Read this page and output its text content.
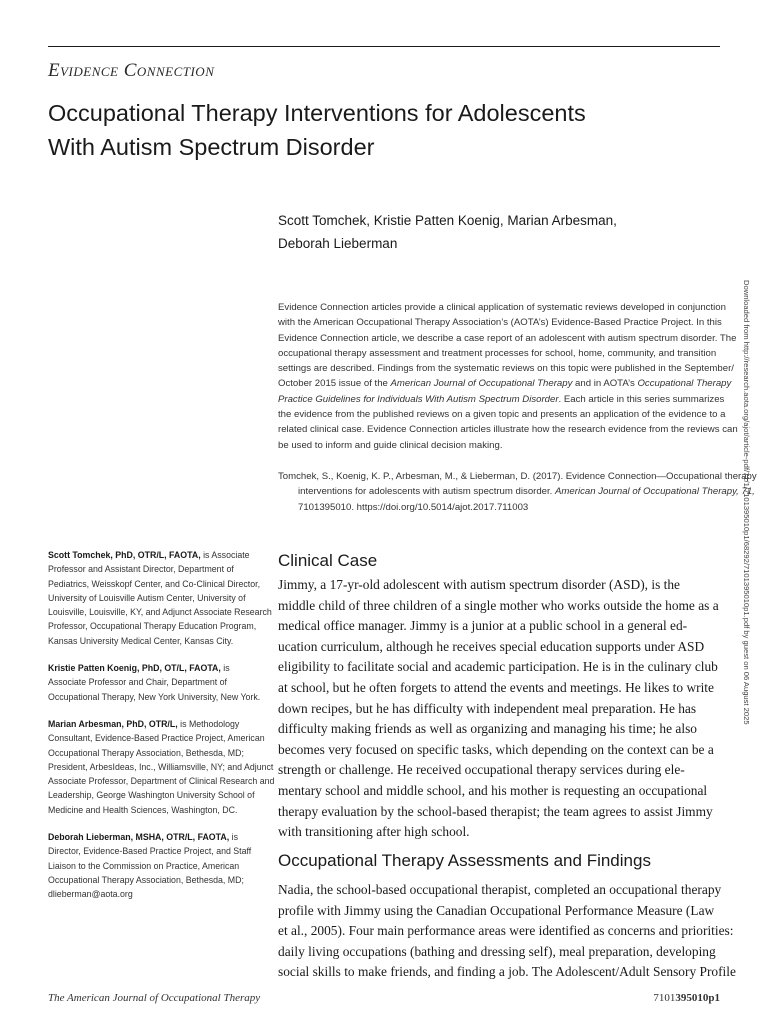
Evidence Connection
Occupational Therapy Interventions for Adolescents
With Autism Spectrum Disorder
Scott Tomchek, Kristie Patten Koenig, Marian Arbesman,
Deborah Lieberman
Evidence Connection articles provide a clinical application of systematic reviews developed in conjunction
with the American Occupational Therapy Association’s (AOTA’s) Evidence-Based Practice Project. In this
Evidence Connection article, we describe a case report of an adolescent with autism spectrum disorder. The
occupational therapy assessment and treatment processes for school, home, community, and transition
settings are described. Findings from the systematic reviews on this topic were published in the September/
October 2015 issue of the American Journal of Occupational Therapy and in AOTA’s Occupational Therapy
Practice Guidelines for Individuals With Autism Spectrum Disorder. Each article in this series summarizes
the evidence from the published reviews on a given topic and presents an application of the evidence to a
related clinical case. Evidence Connection articles illustrate how the research evidence from the reviews can
be used to inform and guide clinical decision making.
Tomchek, S., Koenig, K. P., Arbesman, M., & Lieberman, D. (2017). Evidence Connection—Occupational therapy
interventions for adolescents with autism spectrum disorder. American Journal of Occupational Therapy, 71,
7101395010. https://doi.org/10.5014/ajot.2017.711003
Scott Tomchek, PhD, OTR/L, FAOTA, is Associate
Professor and Assistant Director, Department of
Pediatrics, Weisskopf Center, and Co-Clinical Director,
University of Louisville Autism Center, University of
Louisville, Louisville, KY, and Adjunct Associate Research
Professor, Occupational Therapy Education Program,
Kansas University Medical Center, Kansas City.
Kristie Patten Koenig, PhD, OT/L, FAOTA, is
Associate Professor and Chair, Department of
Occupational Therapy, New York University, New York.
Marian Arbesman, PhD, OTR/L, is Methodology
Consultant, Evidence-Based Practice Project, American
Occupational Therapy Association, Bethesda, MD;
President, ArbesIdeas, Inc., Williamsville, NY; and Adjunct
Associate Professor, Department of Clinical Research and
Leadership, George Washington University School of
Medicine and Health Sciences, Washington, DC.
Deborah Lieberman, MSHA, OTR/L, FAOTA, is
Director, Evidence-Based Practice Project, and Staff
Liaison to the Commission on Practice, American
Occupational Therapy Association, Bethesda, MD;
dlieberman@aota.org
Clinical Case
Jimmy, a 17-yr-old adolescent with autism spectrum disorder (ASD), is the
middle child of three children of a single mother who works outside the home as a
medical office manager. Jimmy is a junior at a public school in a general ed-
ucation curriculum, although he receives special education supports under ASD
eligibility to facilitate social and academic participation. He is in the culinary club
at school, but he often forgets to attend the events and meetings. He likes to write
down recipes, but he has difficulty with independent meal preparation. He has
difficulty making friends as well as organizing and managing his time; he also
becomes very focused on specific tasks, which depending on the context can be a
strength or challenge. He received occupational therapy services during ele-
mentary school and middle school, and his mother is requesting an occupational
therapy evaluation by the school-based therapist; the team agrees to assist Jimmy
with transitioning after high school.
Occupational Therapy Assessments and Findings
Nadia, the school-based occupational therapist, completed an occupational therapy
profile with Jimmy using the Canadian Occupational Performance Measure (Law
et al., 2005). Four main performance areas were identified as concerns and priorities:
daily living occupations (bathing and dressing self), meal preparation, developing
social skills to make friends, and finding a job. The Adolescent/Adult Sensory Profile
The American Journal of Occupational Therapy	7101395010p1
Downloaded from http://research.aota.org/ajot/article-pdf/71/1/7101395010p1/68292/7101395010p1.pdf by guest on 06 August 2025
